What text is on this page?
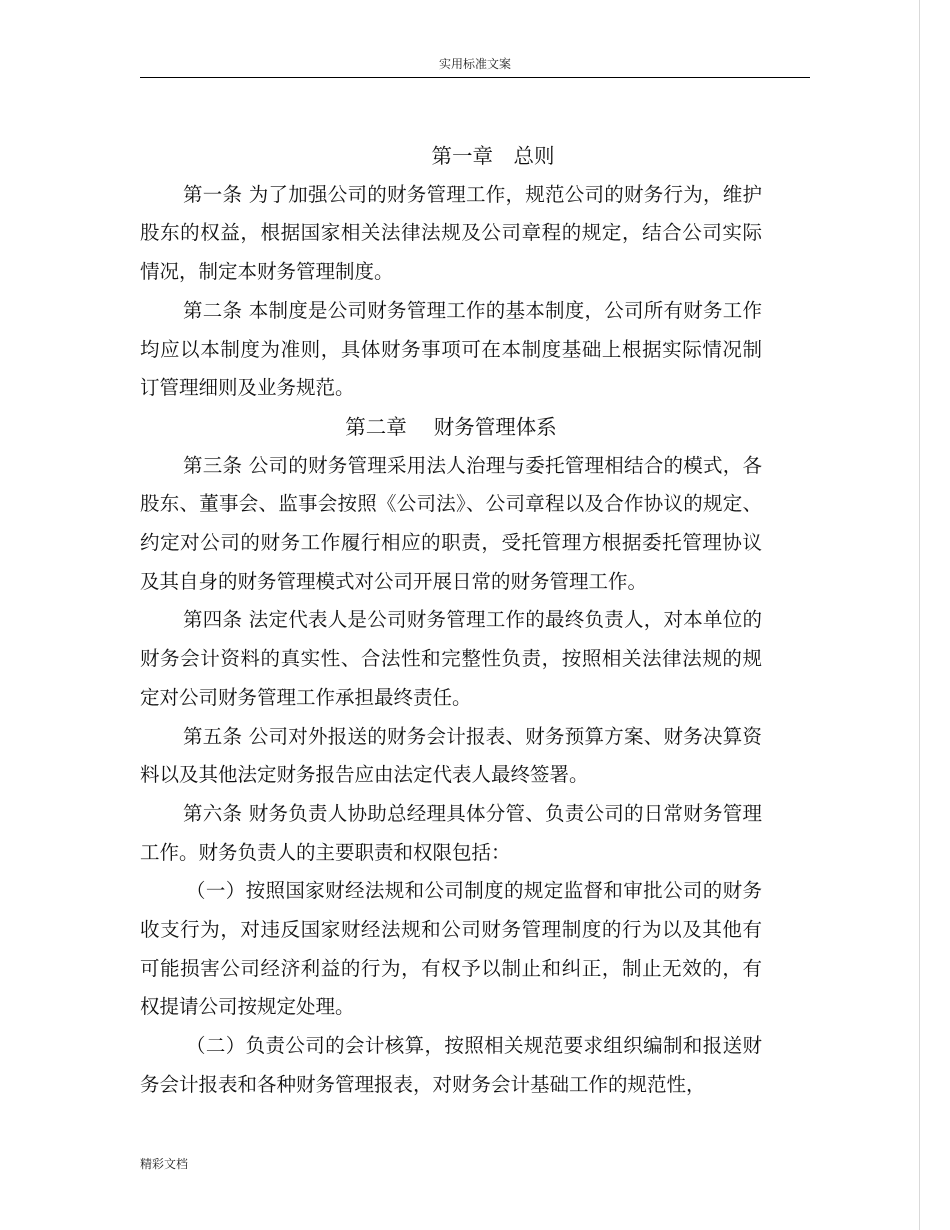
实用标准文案
第一章　总则

第一条 为了加强公司的财务管理工作，规范公司的财务行为，维护股东的权益，根据国家相关法律法规及公司章程的规定，结合公司实际情况，制定本财务管理制度。

第二条 本制度是公司财务管理工作的基本制度，公司所有财务工作均应以本制度为准则，具体财务事项可在本制度基础上根据实际情况制订管理细则及业务规范。

第二章　 财务管理体系

第三条 公司的财务管理采用法人治理与委托管理相结合的模式，各股东、董事会、监事会按照《公司法》、公司章程以及合作协议的规定、约定对公司的财务工作履行相应的职责，受托管理方根据委托管理协议及其自身的财务管理模式对公司开展日常的财务管理工作。

第四条 法定代表人是公司财务管理工作的最终负责人，对本单位的财务会计资料的真实性、合法性和完整性负责，按照相关法律法规的规定对公司财务管理工作承担最终责任。

第五条 公司对外报送的财务会计报表、财务预算方案、财务决算资料以及其他法定财务报告应由法定代表人最终签署。

第六条 财务负责人协助总经理具体分管、负责公司的日常财务管理工作。财务负责人的主要职责和权限包括：

（一）按照国家财经法规和公司制度的规定监督和审批公司的财务收支行为，对违反国家财经法规和公司财务管理制度的行为以及其他有可能损害公司经济利益的行为，有权予以制止和纠正，制止无效的，有权提请公司按规定处理。

（二）负责公司的会计核算，按照相关规范要求组织编制和报送财务会计报表和各种财务管理报表，对财务会计基础工作的规范性，

精彩文档
